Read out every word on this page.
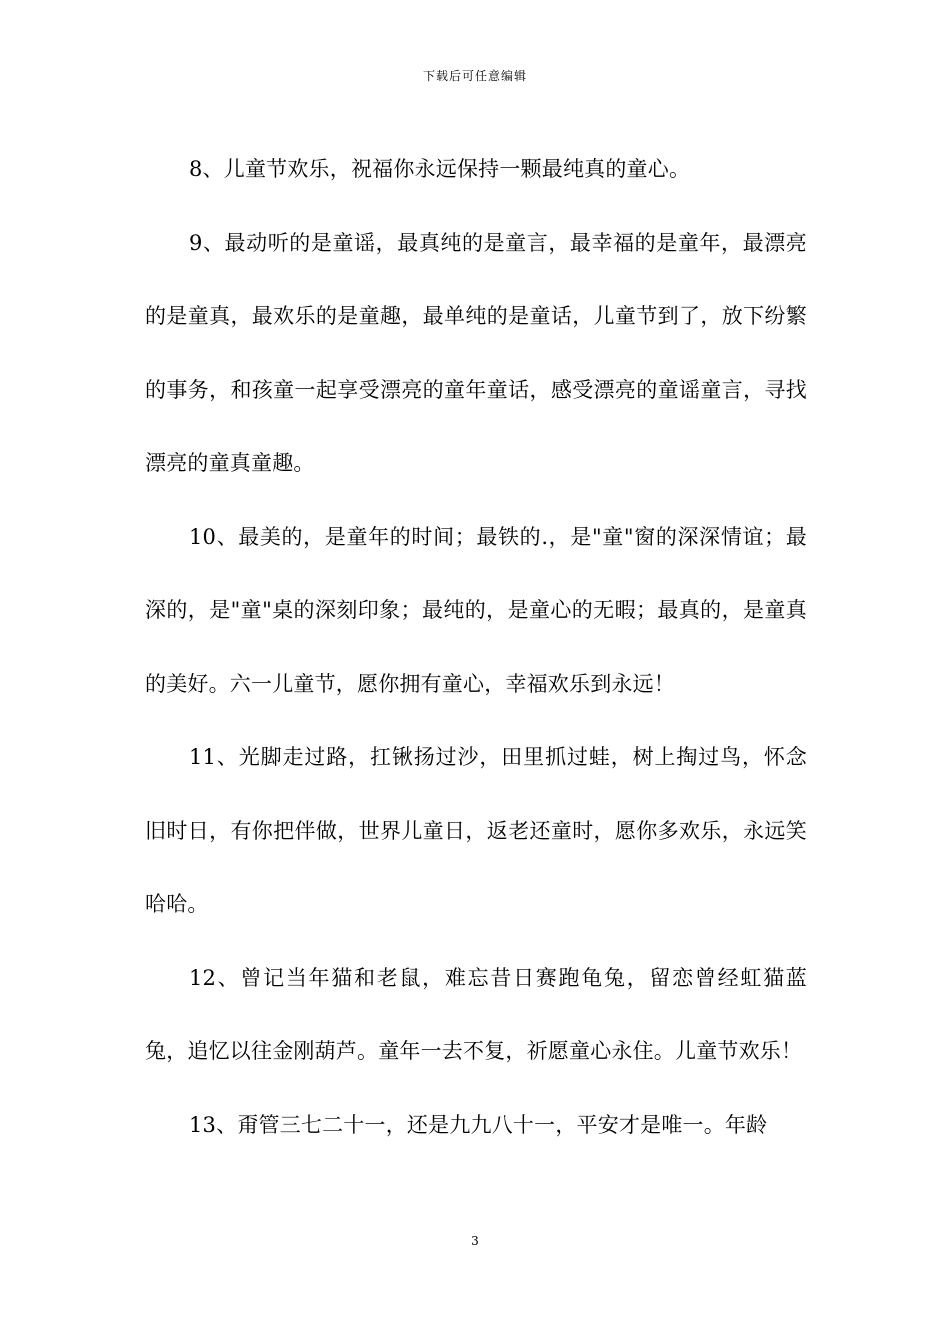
下载后可任意编辑

8、儿童节欢乐，祝福你永远保持一颗最纯真的童心。

9、最动听的是童谣，最真纯的是童言，最幸福的是童年，最漂亮的是童真，最欢乐的是童趣，最单纯的是童话，儿童节到了，放下纷繁的事务，和孩童一起享受漂亮的童年童话，感受漂亮的童谣童言，寻找漂亮的童真童趣。

10、最美的，是童年的时间；最铁的.，是"童"窗的深深情谊；最深的，是"童"桌的深刻印象；最纯的，是童心的无暇；最真的，是童真的美好。六一儿童节，愿你拥有童心，幸福欢乐到永远！

11、光脚走过路，扛锹扬过沙，田里抓过蛙，树上掏过鸟，怀念旧时日，有你把伴做，世界儿童日，返老还童时，愿你多欢乐，永远笑哈哈。

12、曾记当年猫和老鼠，难忘昔日赛跑龟兔，留恋曾经虹猫蓝兔，追忆以往金刚葫芦。童年一去不复，祈愿童心永住。儿童节欢乐！

13、甭管三七二十一，还是九九八十一，平安才是唯一。年龄

3
